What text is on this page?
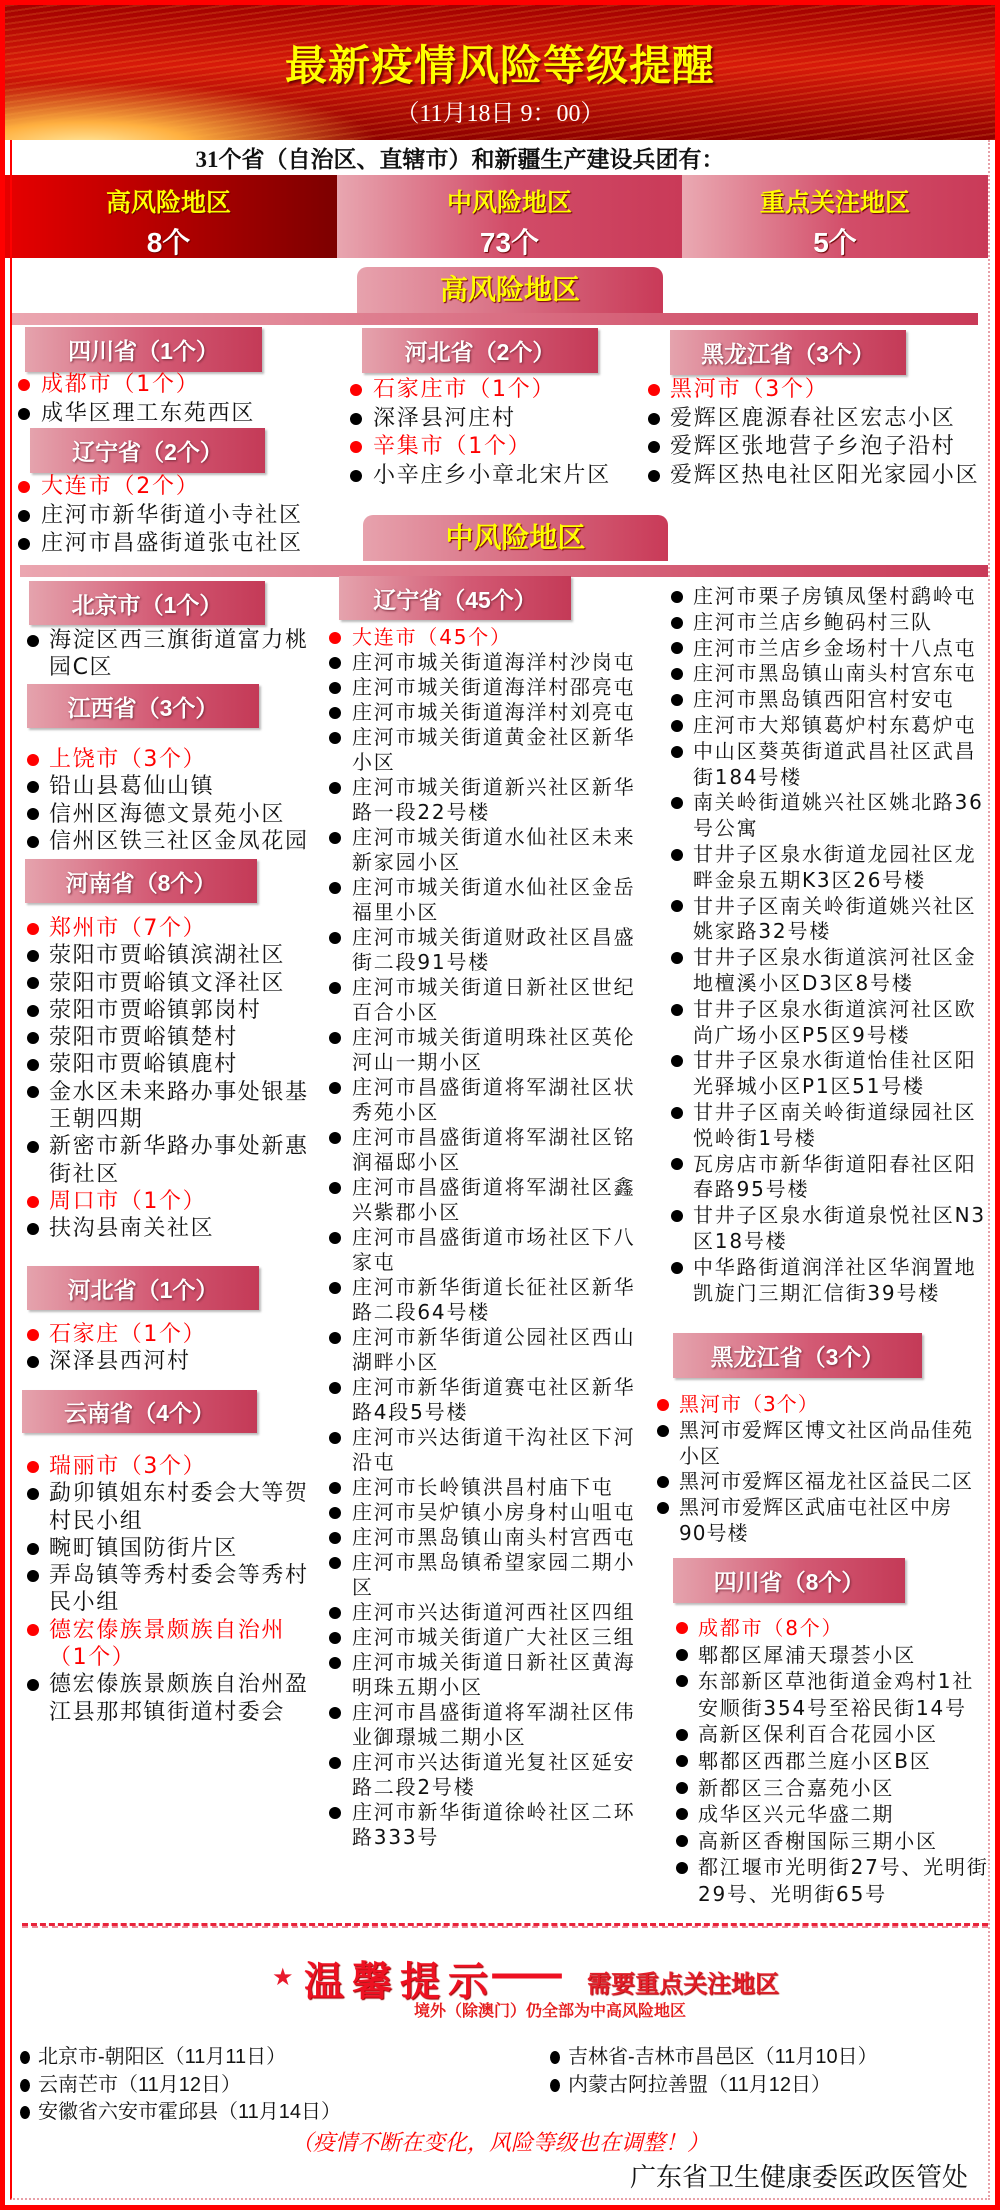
最新疫情风险等级提醒
（11月18日 9：00）
31个省（自治区、直辖市）和新疆生产建设兵团有：
高风险地区
8个
中风险地区
73个
重点关注地区
5个
高风险地区
中风险地区
四川省（1个）
成都市（1个）
成华区理工东苑西区
辽宁省（2个）
大连市（2个）
庄河市新华街道小寺社区
庄河市昌盛街道张屯社区
河北省（2个）
石家庄市（1个）
深泽县河庄村
辛集市（1个）
小辛庄乡小章北宋片区
黑龙江省（3个）
黑河市（3个）
爱辉区鹿源春社区宏志小区
爱辉区张地营子乡泡子沿村
爱辉区热电社区阳光家园小区
北京市（1个）
海淀区西三旗街道富力桃园C区
江西省（3个）
上饶市（3个）
铅山县葛仙山镇
信州区海德文景苑小区
信州区铁三社区金凤花园
河南省（8个）
郑州市（7个）
荥阳市贾峪镇滨湖社区
荥阳市贾峪镇文泽社区
荥阳市贾峪镇郭岗村
荥阳市贾峪镇楚村
荥阳市贾峪镇鹿村
金水区未来路办事处银基王朝四期
新密市新华路办事处新惠街社区
周口市（1个）
扶沟县南关社区
河北省（1个）
石家庄（1个）
深泽县西河村
云南省（4个）
瑞丽市（3个）
勐卯镇姐东村委会大等贺村民小组
畹町镇国防街片区
弄岛镇等秀村委会等秀村民小组
德宏傣族景颇族自治州（1个）
德宏傣族景颇族自治州盈江县那邦镇街道村委会
辽宁省（45个）
大连市（45个）
庄河市城关街道海洋村沙岗屯
庄河市城关街道海洋村邵亮屯
庄河市城关街道海洋村刘亮屯
庄河市城关街道黄金社区新华小区
庄河市城关街道新兴社区新华路一段22号楼
庄河市城关街道水仙社区未来新家园小区
庄河市城关街道水仙社区金岳福里小区
庄河市城关街道财政社区昌盛街二段91号楼
庄河市城关街道日新社区世纪百合小区
庄河市城关街道明珠社区英伦河山一期小区
庄河市昌盛街道将军湖社区状秀苑小区
庄河市昌盛街道将军湖社区铭润福邸小区
庄河市昌盛街道将军湖社区鑫兴紫郡小区
庄河市昌盛街道市场社区下八家屯
庄河市新华街道长征社区新华路二段64号楼
庄河市新华街道公园社区西山湖畔小区
庄河市新华街道赛屯社区新华路4段5号楼
庄河市兴达街道干沟社区下河沿屯
庄河市长岭镇洪昌村庙下屯
庄河市吴炉镇小房身村山咀屯
庄河市黑岛镇山南头村宫西屯
庄河市黑岛镇希望家园二期小区
庄河市兴达街道河西社区四组
庄河市城关街道广大社区三组
庄河市城关街道日新社区黄海明珠五期小区
庄河市昌盛街道将军湖社区伟业御璟城二期小区
庄河市兴达街道光复社区延安路二段2号楼
庄河市新华街道徐岭社区二环路333号
庄河市栗子房镇凤堡村鹞岭屯
庄河市兰店乡鲍码村三队
庄河市兰店乡金场村十八点屯
庄河市黑岛镇山南头村宫东屯
庄河市黑岛镇西阳宫村安屯
庄河市大郑镇葛炉村东葛炉屯
中山区葵英街道武昌社区武昌街184号楼
南关岭街道姚兴社区姚北路36号公寓
甘井子区泉水街道龙园社区龙畔金泉五期K3区26号楼
甘井子区南关岭街道姚兴社区姚家路32号楼
甘井子区泉水街道滨河社区金地檀溪小区D3区8号楼
甘井子区泉水街道滨河社区欧尚广场小区P5区9号楼
甘井子区泉水街道怡佳社区阳光驿城小区P1区51号楼
甘井子区南关岭街道绿园社区悦岭街1号楼
瓦房店市新华街道阳春社区阳春路95号楼
甘井子区泉水街道泉悦社区N3区18号楼
中华路街道润洋社区华润置地凯旋门三期汇信街39号楼
黑龙江省（3个）
黑河市（3个）
黑河市爱辉区博文社区尚品佳苑小区
黑河市爱辉区福龙社区益民二区
黑河市爱辉区武庙屯社区中房90号楼
四川省（8个）
成都市（8个）
郫都区犀浦天璟荟小区
东部新区草池街道金鸡村1社安顺街354号至裕民街14号
高新区保利百合花园小区
郫都区西郡兰庭小区B区
新都区三合嘉苑小区
成华区兴元华盛二期
高新区香榭国际三期小区
都江堰市光明街27号、光明街29号、光明街65号
★ 温馨提示
—— 需要重点关注地区
境外（除澳门）仍全部为中高风险地区
北京市-朝阳区（11月11日）
云南芒市（11月12日）
安徽省六安市霍邱县（11月14日）
吉林省-吉林市昌邑区（11月10日）
内蒙古阿拉善盟（11月12日）
（疫情不断在变化，风险等级也在调整！）
广东省卫生健康委医政医管处
